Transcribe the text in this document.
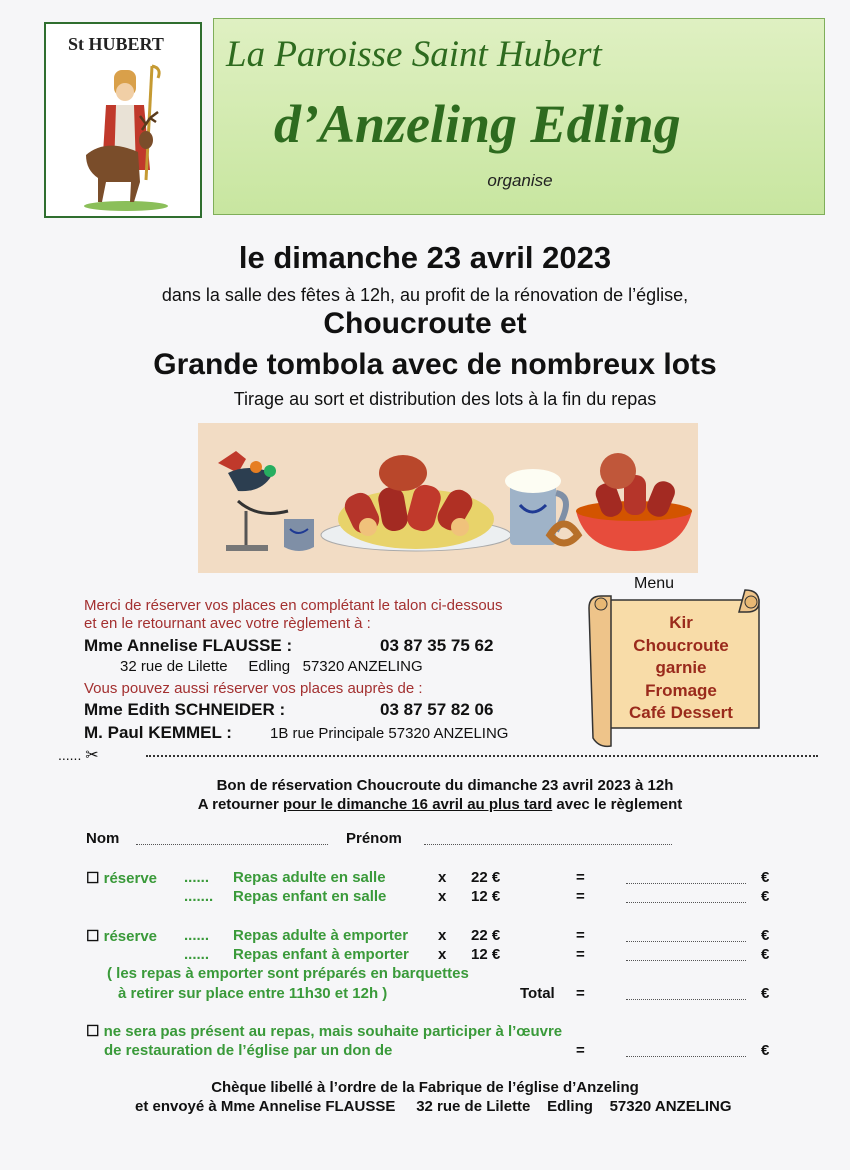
St HUBERT	La Paroisse Saint Hubert
d’Anzeling Edling
organise
le dimanche 23 avril 2023
dans la salle des fêtes à 12h, au profit de la rénovation de l’église,
Choucroute et
Grande tombola avec de nombreux lots
Tirage au sort et distribution des lots à la fin du repas
Menu
Kir
Choucroute
garnie
Fromage
Café Dessert
Merci de réserver vos places en complétant le talon ci-dessous
et en le retournant avec votre règlement à :
Mme Annelise FLAUSSE :	03 87 35 75 62
32 rue de Lilette     Edling   57320 ANZELING
Vous pouvez aussi réserver vos places auprès de :
Mme Edith SCHNEIDER :	03 87 57 82 06
M. Paul KEMMEL :	1B rue Principale 57320 ANZELING
...... ✂
Bon de réservation Choucroute du dimanche 23 avril 2023 à 12h
A retourner pour le dimanche 16 avril au plus tard avec le règlement
Nom	Prénom
☐ réserve ...... Repas adulte en salle	x 22 €	=	€
....... Repas enfant en salle	x 12 €	=	€
☐ réserve ...... Repas adulte à emporter x 22 €	=	€
...... Repas enfant à emporter x 12 €	=	€
( les repas à emporter sont préparés en barquettes
à retirer sur place entre 11h30 et 12h )	Total =	€
☐ ne sera pas présent au repas, mais souhaite participer à l’œuvre
de restauration de l’église par un don de	=	€
Chèque libellé à l’ordre de la Fabrique de l’église d’Anzeling
et envoyé à Mme Annelise FLAUSSE     32 rue de Lilette    Edling    57320 ANZELING
